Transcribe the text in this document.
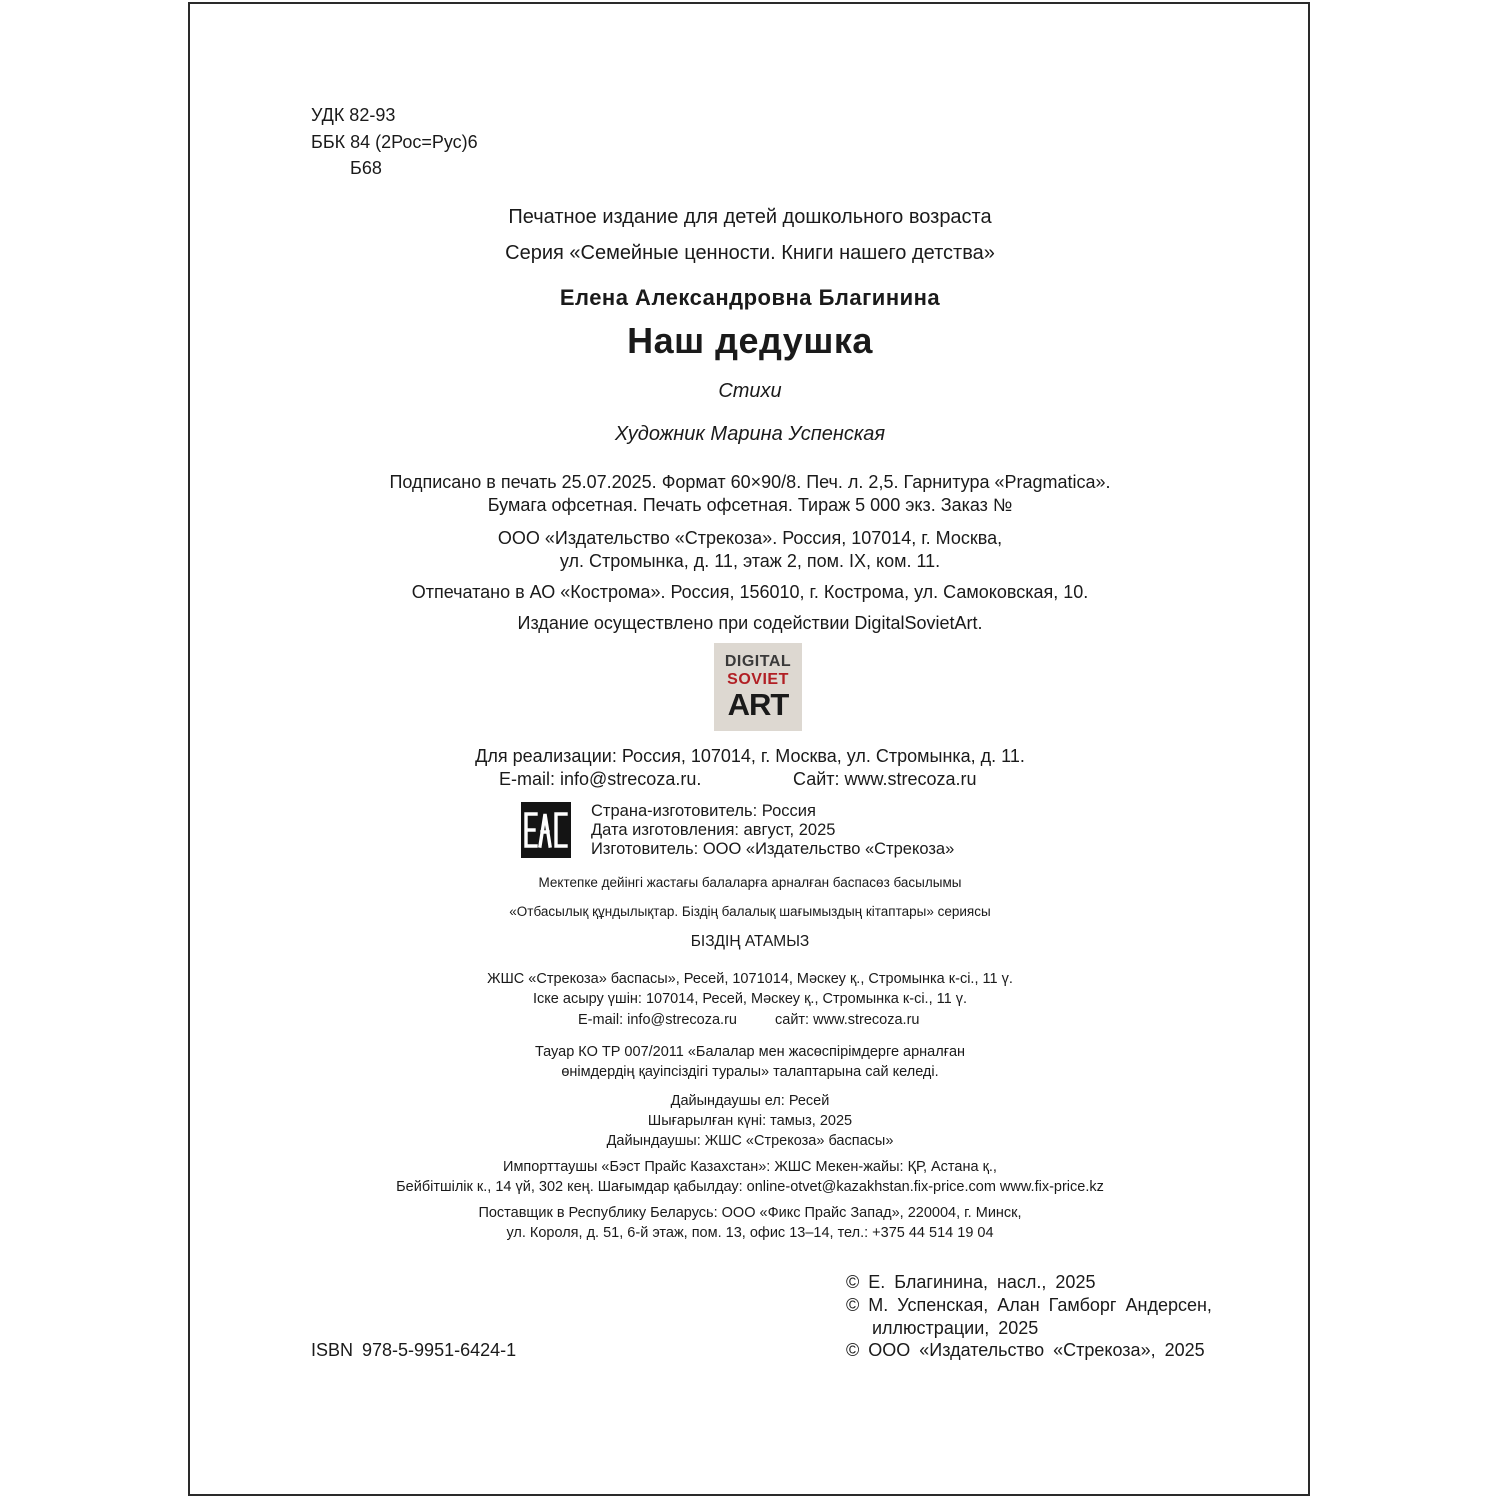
УДК 82-93
ББК 84 (2Рос=Рус)6
Б68
Печатное издание для детей дошкольного возраста
Серия «Семейные ценности. Книги нашего детства»
Елена Александровна Благинина
Наш дедушка
Стихи
Художник Марина Успенская
Подписано в печать 25.07.2025. Формат 60×90/8. Печ. л. 2,5. Гарнитура «Pragmatica».
Бумага офсетная. Печать офсетная. Тираж 5 000 экз. Заказ №
ООО «Издательство «Стрекоза». Россия, 107014, г. Москва,
ул. Стромынка, д. 11, этаж 2, пом. IX, ком. 11.
Отпечатано в АО «Кострома». Россия, 156010, г. Кострома, ул. Самоковская, 10.
Издание осуществлено при содействии DigitalSovietArt.
DIGITAL
SOVIET
ART
Для реализации: Россия, 107014, г. Москва, ул. Стромынка, д. 11.
E-mail: info@strecoza.ru.	Сайт: www.strecoza.ru
Страна-изготовитель: Россия
Дата изготовления: август, 2025
Изготовитель: ООО «Издательство «Стрекоза»
Мектепке дейінгі жастағы балаларға арналған баспасөз басылымы
«Отбасылық құндылықтар. Біздің балалық шағымыздың кітаптары» сериясы
БІЗДІҢ АТАМЫЗ
ЖШС «Стрекоза» баспасы», Ресей, 1071014, Мәскеу қ., Стромынка к-сі., 11 ү.
Іске асыру үшін: 107014, Ресей, Мәскеу қ., Стромынка к-сі., 11 ү.
E-mail: info@strecoza.ru	сайт: www.strecoza.ru
Тауар КО ТР 007/2011 «Балалар мен жасөспірімдерге арналған
өнімдердің қауіпсіздігі туралы» талаптарына сай келеді.
Дайындаушы ел: Ресей
Шығарылған күні: тамыз, 2025
Дайындаушы: ЖШС «Стрекоза» баспасы»
Импорттаушы «Бэст Прайс Казахстан»: ЖШС Мекен-жайы: ҚР, Астана қ.,
Бейбітшілік к., 14 үй, 302 кең. Шағымдар қабылдау: online-otvet@kazakhstan.fix-price.com www.fix-price.kz
Поставщик в Республику Беларусь: ООО «Фикс Прайс Запад», 220004, г. Минск,
ул. Короля, д. 51, 6-й этаж, пом. 13, офис 13–14, тел.: +375 44 514 19 04
© Е. Благинина, насл., 2025
© М. Успенская, Алан Гамборг Андерсен,
иллюстрации, 2025
© ООО «Издательство «Стрекоза», 2025
ISBN 978-5-9951-6424-1
